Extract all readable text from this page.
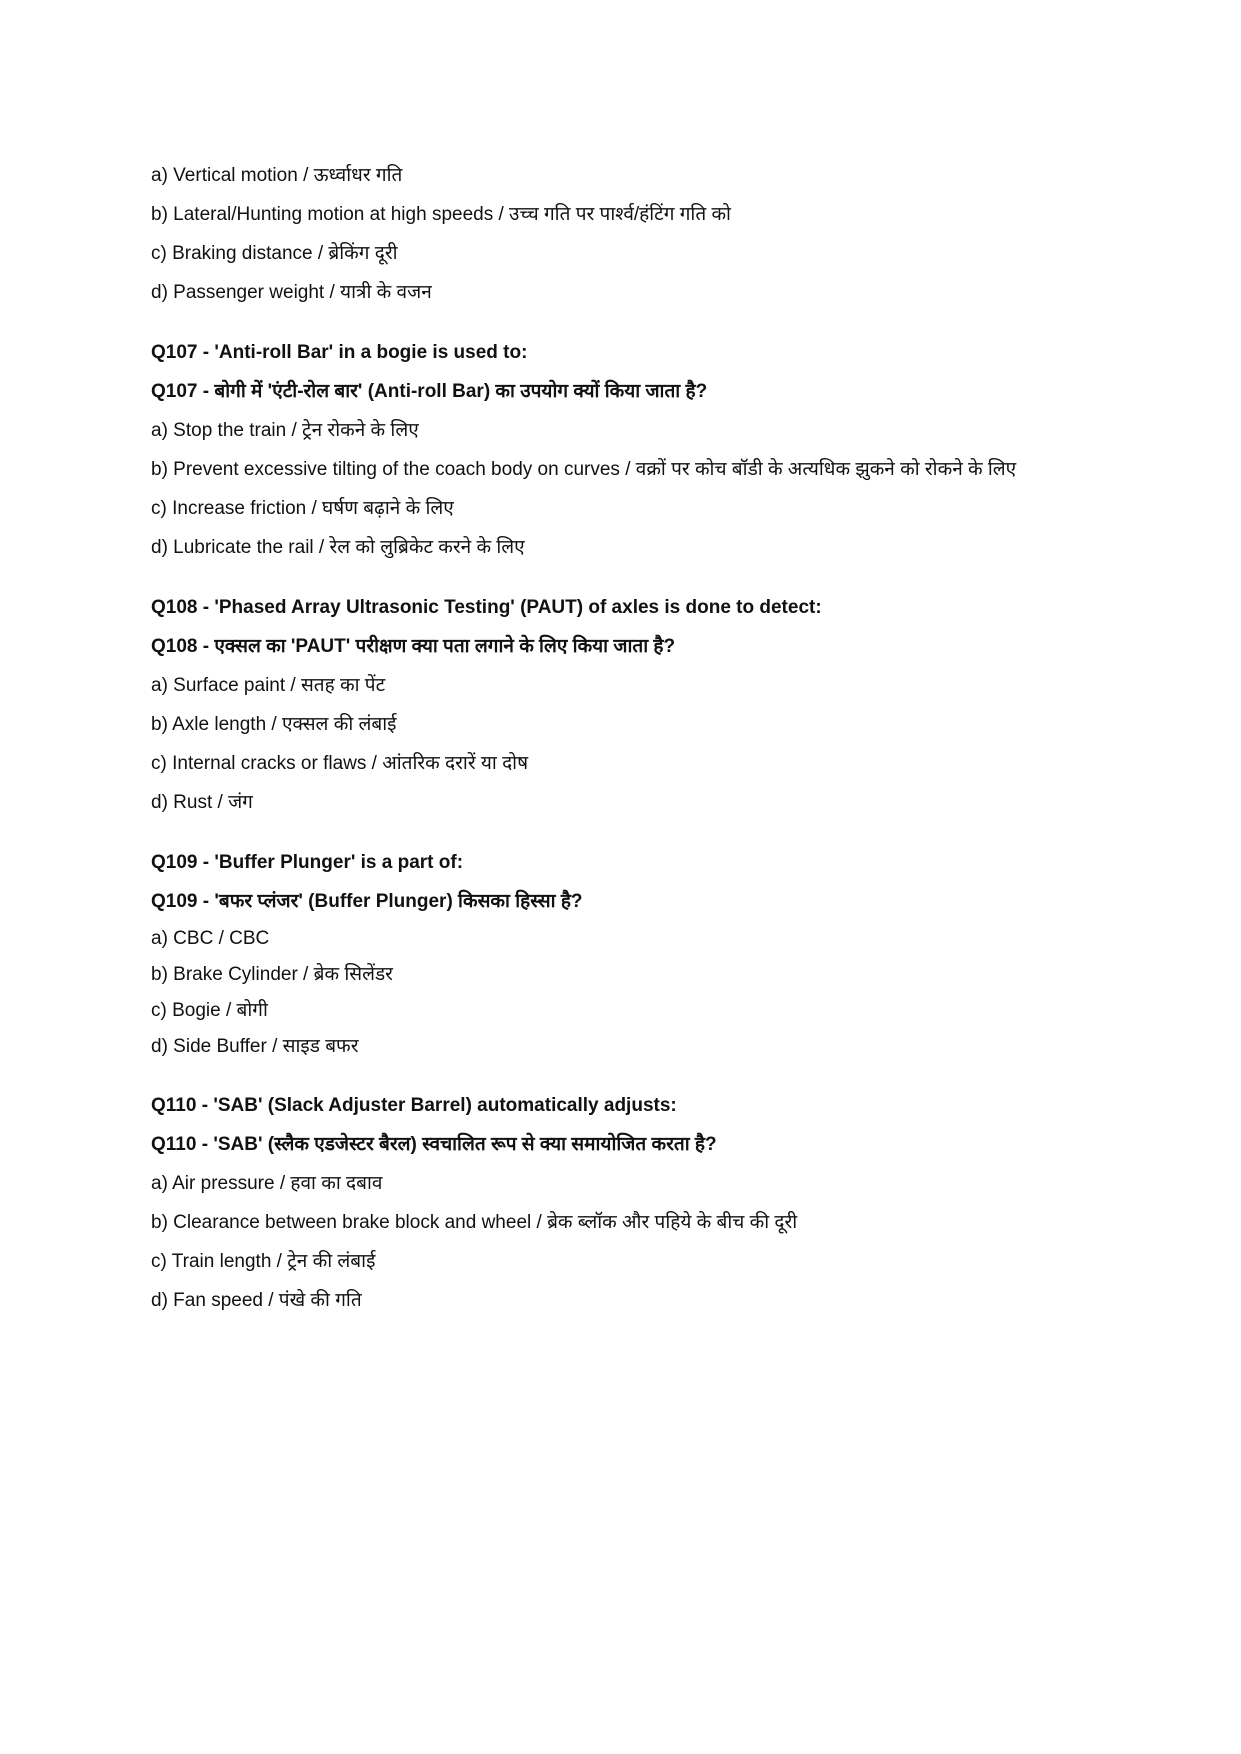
a) Vertical motion / ऊर्ध्वाधर गति

b) Lateral/Hunting motion at high speeds / उच्च गति पर पार्श्व/हंटिंग गति को

c) Braking distance / ब्रेकिंग दूरी

d) Passenger weight / यात्री के वजन

Q107 - 'Anti-roll Bar' in a bogie is used to:

Q107 - बोगी में 'एंटी-रोल बार' (Anti-roll Bar) का उपयोग क्यों किया जाता है?

a) Stop the train / ट्रेन रोकने के लिए

b) Prevent excessive tilting of the coach body on curves / वक्रों पर कोच बॉडी के अत्यधिक झुकने को रोकने के लिए

c) Increase friction / घर्षण बढ़ाने के लिए

d) Lubricate the rail / रेल को लुब्रिकेट करने के लिए

Q108 - 'Phased Array Ultrasonic Testing' (PAUT) of axles is done to detect:

Q108 - एक्सल का 'PAUT' परीक्षण क्या पता लगाने के लिए किया जाता है?

a) Surface paint / सतह का पेंट

b) Axle length / एक्सल की लंबाई

c) Internal cracks or flaws / आंतरिक दरारें या दोष

d) Rust / जंग

Q109 - 'Buffer Plunger' is a part of:

Q109 - 'बफर प्लंजर' (Buffer Plunger) किसका हिस्सा है?

a) CBC / CBC

b) Brake Cylinder / ब्रेक सिलेंडर

c) Bogie / बोगी

d) Side Buffer / साइड बफर

Q110 - 'SAB' (Slack Adjuster Barrel) automatically adjusts:

Q110 - 'SAB' (स्लैक एडजेस्टर बैरल) स्वचालित रूप से क्या समायोजित करता है?

a) Air pressure / हवा का दबाव

b) Clearance between brake block and wheel / ब्रेक ब्लॉक और पहिये के बीच की दूरी

c) Train length / ट्रेन की लंबाई

d) Fan speed / पंखे की गति
